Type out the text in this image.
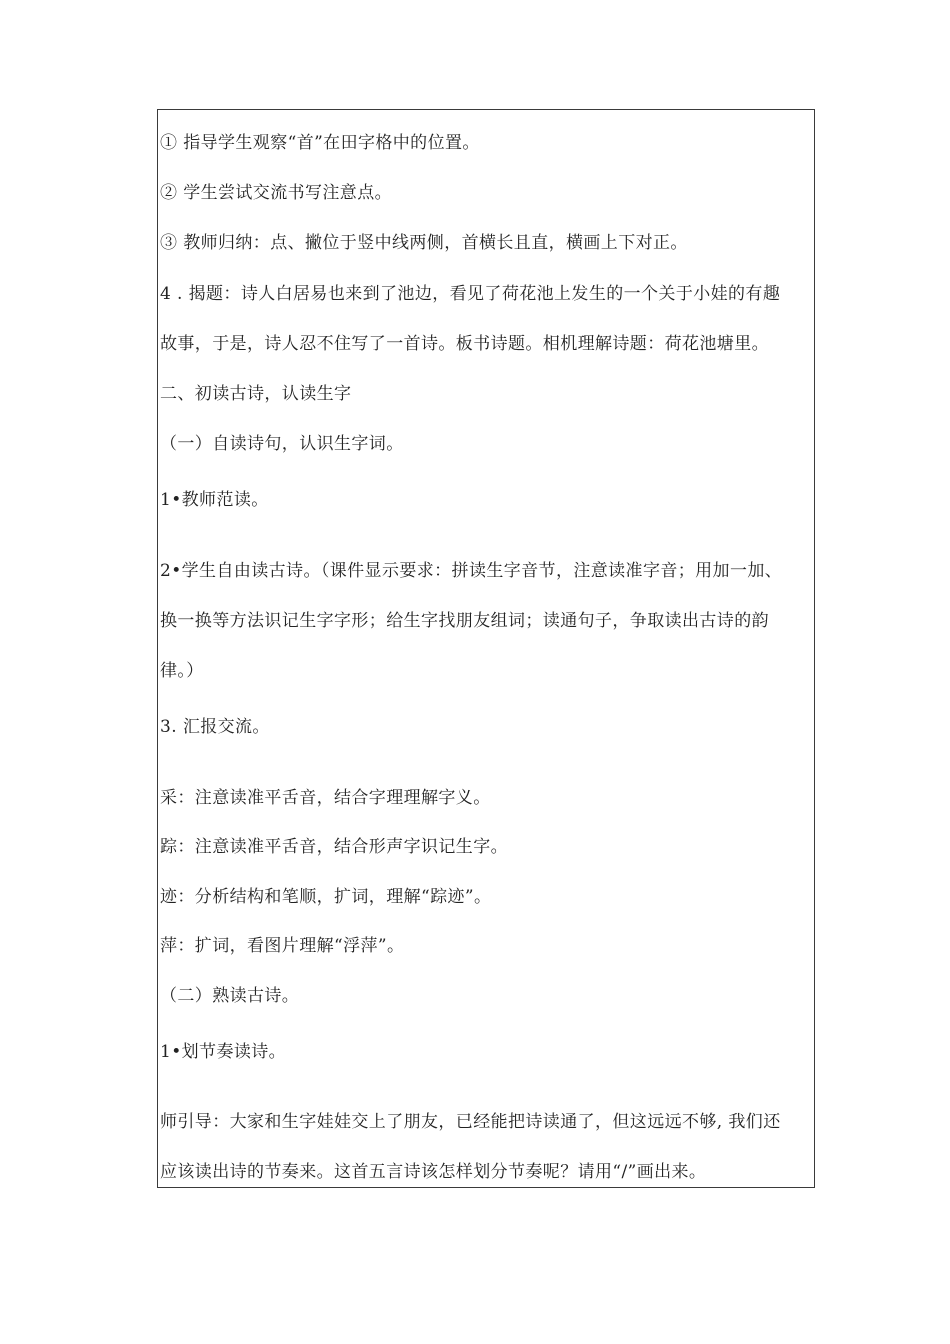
① 指导学生观察“首”在田字格中的位置。
② 学生尝试交流书写注意点。
③ 教师归纳：点、撇位于竖中线两侧，首横长且直，横画上下对正。
4 . 揭题：诗人白居易也来到了池边，看见了荷花池上发生的一个关于小娃的有趣
故事，于是，诗人忍不住写了一首诗。板书诗题。相机理解诗题：荷花池塘里。
二、初读古诗，认读生字
（一）自读诗句，认识生字词。
1•教师范读。
2•学生自由读古诗。（课件显示要求：拼读生字音节，注意读准字音；用加一加、
换一换等方法识记生字字形；给生字找朋友组词；读通句子，争取读出古诗的韵
律。）
3. 汇报交流。
采：注意读准平舌音，结合字理理解字义。
踪：注意读准平舌音，结合形声字识记生字。
迹：分析结构和笔顺，扩词，理解“踪迹”。
萍：扩词，看图片理解“浮萍”。
（二）熟读古诗。
1•划节奏读诗。
师引导：大家和生字娃娃交上了朋友，已经能把诗读通了，但这远远不够, 我们还
应该读出诗的节奏来。这首五言诗该怎样划分节奏呢？请用“/”画出来。
